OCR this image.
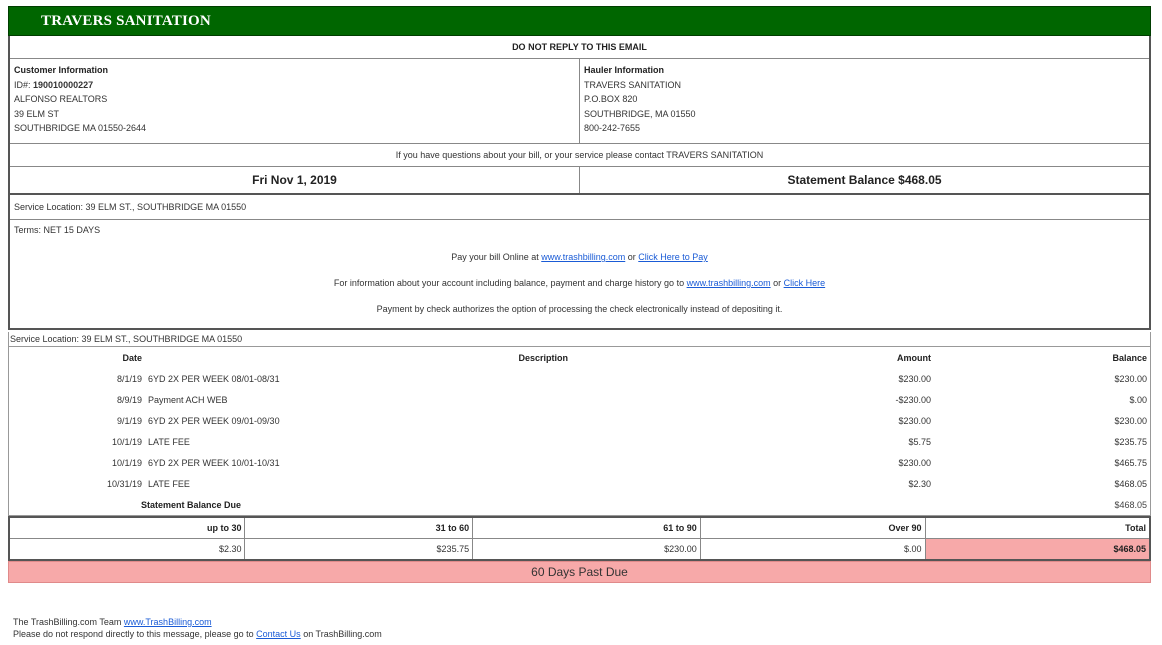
TRAVERS SANITATION
DO NOT REPLY TO THIS EMAIL
Customer Information
ID#: 190010000227
ALFONSO REALTORS
39 ELM ST
SOUTHBRIDGE MA 01550-2644
Hauler Information
TRAVERS SANITATION
P.O.BOX 820
SOUTHBRIDGE, MA 01550
800-242-7655
If you have questions about your bill, or your service please contact TRAVERS SANITATION
Fri Nov 1, 2019	Statement Balance $468.05
Service Location: 39 ELM ST., SOUTHBRIDGE MA 01550
Terms: NET 15 DAYS
Pay your bill Online at www.trashbilling.com or Click Here to Pay
For information about your account including balance, payment and charge history go to www.trashbilling.com or Click Here
Payment by check authorizes the option of processing the check electronically instead of depositing it.
Service Location: 39 ELM ST., SOUTHBRIDGE MA 01550
Date	Description	Amount	Balance
8/1/19	6YD 2X PER WEEK 08/01-08/31	$230.00	$230.00
8/9/19	Payment ACH WEB	-$230.00	$.00
9/1/19	6YD 2X PER WEEK 09/01-09/30	$230.00	$230.00
10/1/19	LATE FEE	$5.75	$235.75
10/1/19	6YD 2X PER WEEK 10/01-10/31	$230.00	$465.75
10/31/19	LATE FEE	$2.30	$468.05
	Statement Balance Due		$468.05
up to 30	31 to 60	61 to 90	Over 90	Total
$2.30	$235.75	$230.00	$.00	$468.05
60 Days Past Due
The TrashBilling.com Team www.TrashBilling.com
Please do not respond directly to this message, please go to Contact Us on TrashBilling.com
